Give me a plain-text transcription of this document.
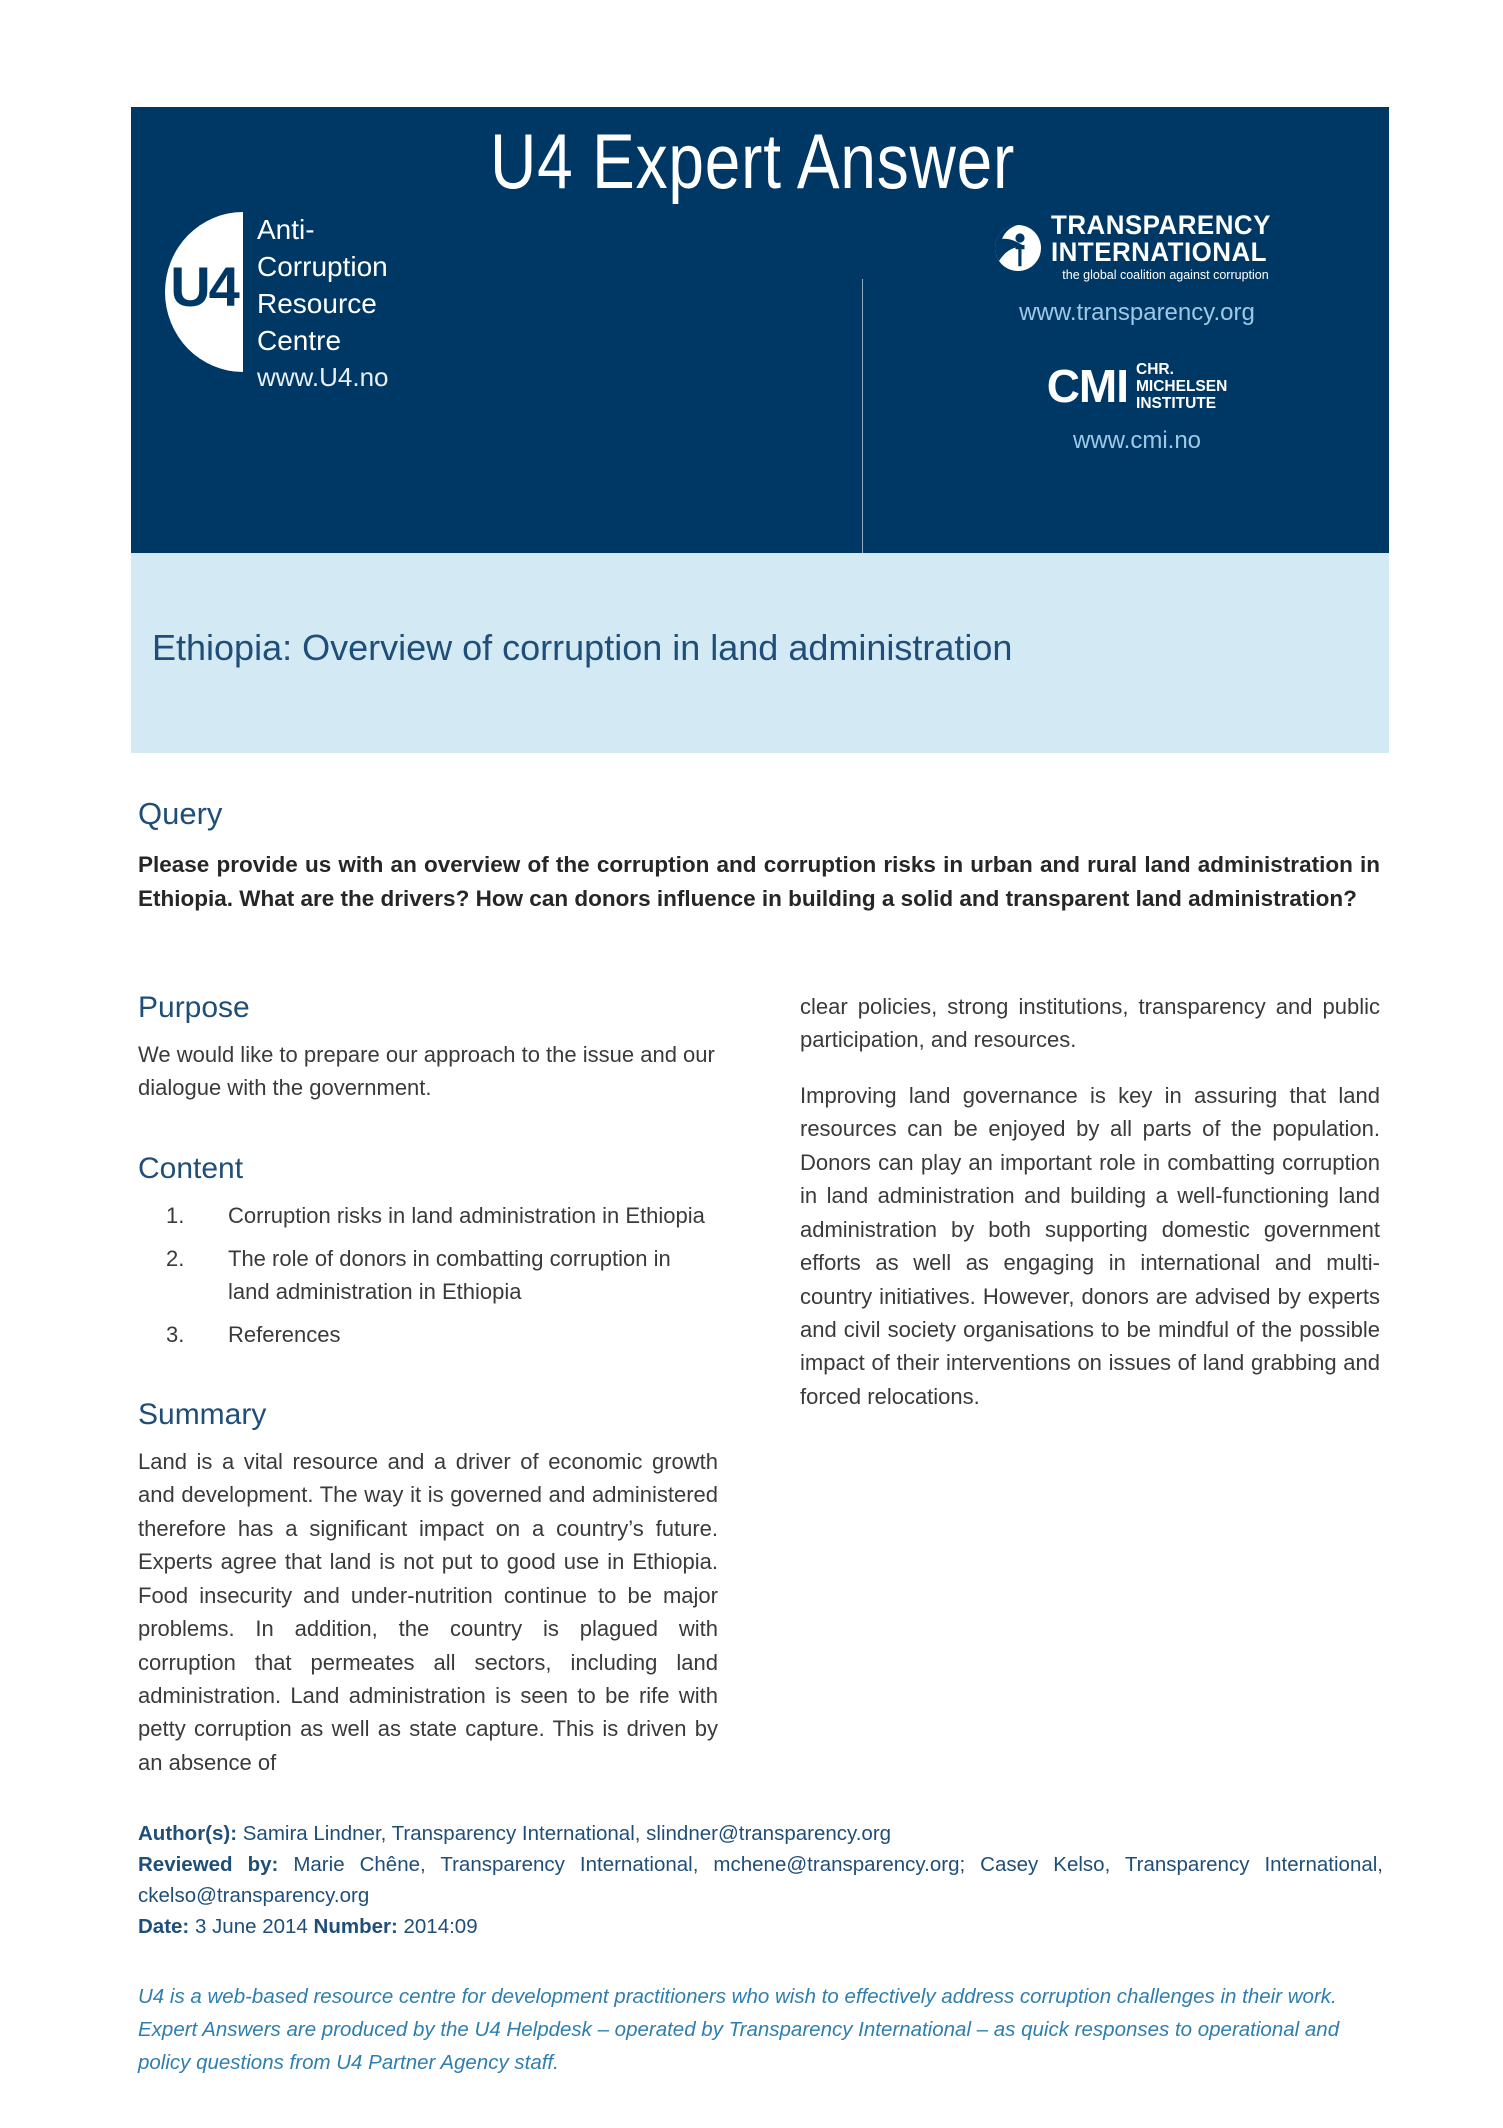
U4 Expert Answer
U4
Anti-
Corruption
Resource
Centre
www.U4.no
TRANSPARENCY
INTERNATIONAL
the global coalition against corruption
www.transparency.org
CMI CHR.
MICHELSEN
INSTITUTE
www.cmi.no
Ethiopia: Overview of corruption in land administration
Query

Please provide us with an overview of the corruption and corruption risks in urban and rural land administration in Ethiopia. What are the drivers? How can donors influence in building a solid and transparent land administration?

Purpose

We would like to prepare our approach to the issue and our dialogue with the government.

Content
Corruption risks in land administration in Ethiopia
The role of donors in combatting corruption in land administration in Ethiopia
References
Summary

Land is a vital resource and a driver of economic growth and development. The way it is governed and administered therefore has a significant impact on a country’s future. Experts agree that land is not put to good use in Ethiopia. Food insecurity and under-nutrition continue to be major problems. In addition, the country is plagued with corruption that permeates all sectors, including land administration. Land administration is seen to be rife with petty corruption as well as state capture. This is driven by an absence of

clear policies, strong institutions, transparency and public participation, and resources.

Improving land governance is key in assuring that land resources can be enjoyed by all parts of the population. Donors can play an important role in combatting corruption in land administration and building a well-functioning land administration by both supporting domestic government efforts as well as engaging in international and multi-country initiatives. However, donors are advised by experts and civil society organisations to be mindful of the possible impact of their interventions on issues of land grabbing and forced relocations.

Author(s): Samira Lindner, Transparency International, slindner@transparency.org

Reviewed by: Marie Chêne, Transparency International, mchene@transparency.org; Casey Kelso, Transparency International, ckelso@transparency.org

Date: 3 June 2014 Number: 2014:09

U4 is a web-based resource centre for development practitioners who wish to effectively address corruption challenges in their work. Expert Answers are produced by the U4 Helpdesk – operated by Transparency International – as quick responses to operational and policy questions from U4 Partner Agency staff.
